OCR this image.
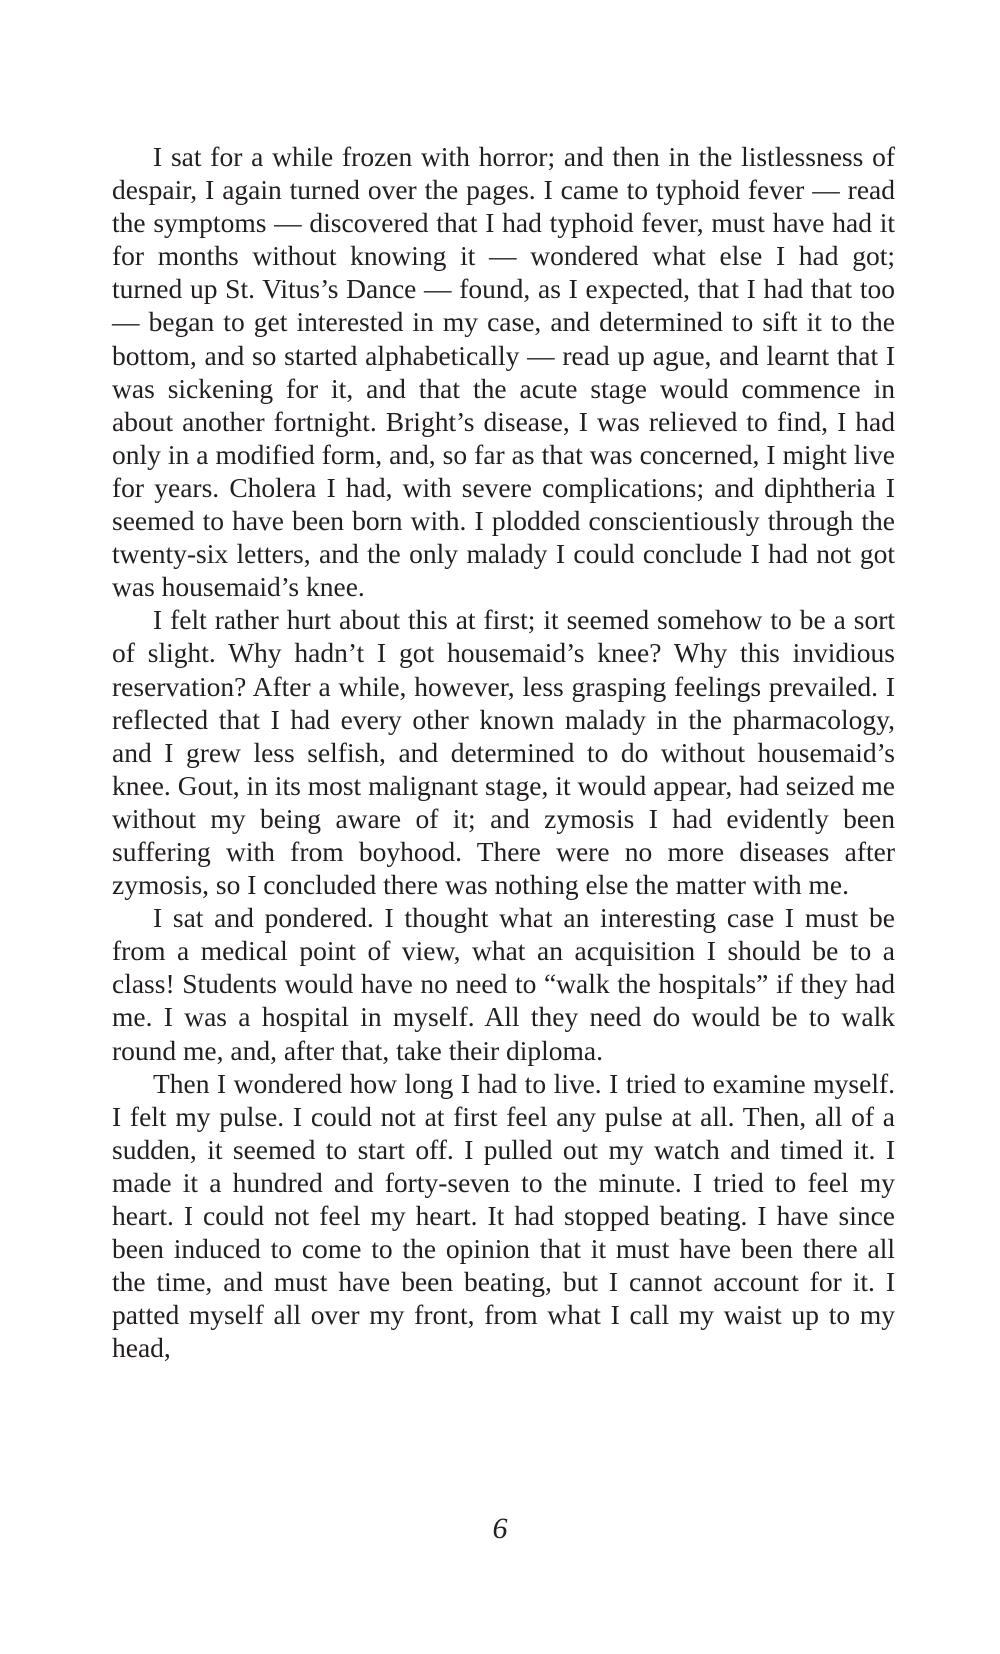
I sat for a while frozen with horror; and then in the listlessness of despair, I again turned over the pages. I came to typhoid fever — read the symptoms — discovered that I had typhoid fever, must have had it for months without knowing it — wondered what else I had got; turned up St. Vitus’s Dance — found, as I expected, that I had that too — began to get interested in my case, and determined to sift it to the bottom, and so started alphabetically — read up ague, and learnt that I was sickening for it, and that the acute stage would commence in about another fortnight. Bright’s disease, I was relieved to find, I had only in a modified form, and, so far as that was concerned, I might live for years. Cholera I had, with severe complications; and diphtheria I seemed to have been born with. I plodded conscientiously through the twenty-six letters, and the only malady I could conclude I had not got was housemaid’s knee.

I felt rather hurt about this at first; it seemed somehow to be a sort of slight. Why hadn’t I got housemaid’s knee? Why this invidious reservation? After a while, however, less grasping feelings prevailed. I reflected that I had every other known malady in the pharmacology, and I grew less selfish, and determined to do without housemaid’s knee. Gout, in its most malignant stage, it would appear, had seized me without my being aware of it; and zymosis I had evidently been suffering with from boyhood. There were no more diseases after zymosis, so I concluded there was nothing else the matter with me.

I sat and pondered. I thought what an interesting case I must be from a medical point of view, what an acquisition I should be to a class! Students would have no need to “walk the hospitals” if they had me. I was a hospital in myself. All they need do would be to walk round me, and, after that, take their diploma.

Then I wondered how long I had to live. I tried to examine myself. I felt my pulse. I could not at first feel any pulse at all. Then, all of a sudden, it seemed to start off. I pulled out my watch and timed it. I made it a hundred and forty-seven to the minute. I tried to feel my heart. I could not feel my heart. It had stopped beating. I have since been induced to come to the opinion that it must have been there all the time, and must have been beating, but I cannot account for it. I patted myself all over my front, from what I call my waist up to my head,

6
